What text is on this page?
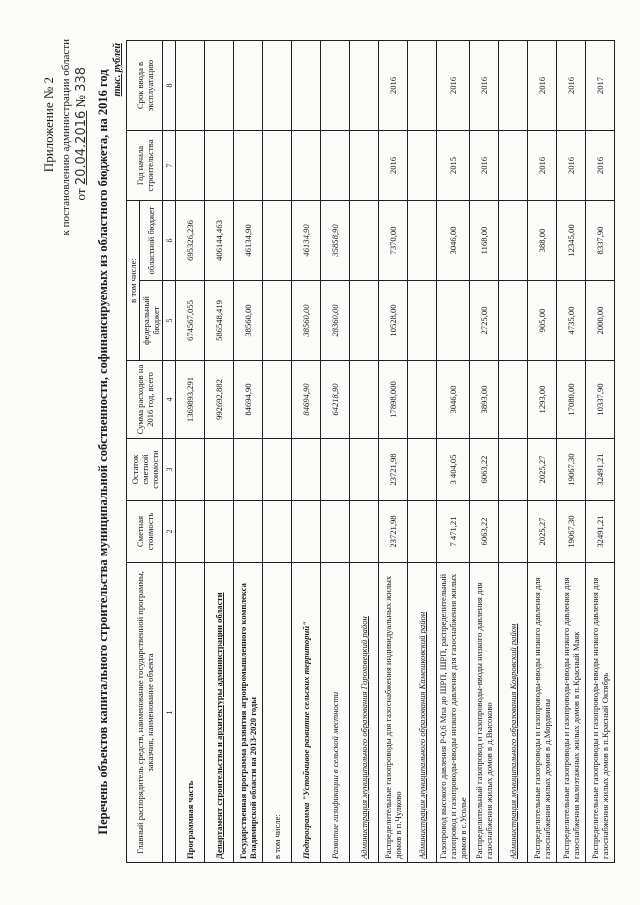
Приложение № 2 к постановлению администрации области от 20.04.2016 № 338 Перечень объектов капитального строительства муниципальной собственности, софинансируемых из областного бюджета, на 2016 год тыс. рублей
Главный распорядитель средств, наименование государственной программы, заказчик, наименование объекта	Сметная стоимость	Остаток сметной стоимости	Сумма расходов на 2016 год, всего	в том числе:		Год начала строительства	Срок ввода в эксплуатацию
				федеральный бюджет	областной бюджет		
1	2	3	4	5	6	7	8
Программная часть			1369893,291	674567,055	695326,236		
Департамент строительства и архитектуры администрации области			992692,882	586548,419	406144,463		
Государственная программа развития агропромышленного комплекса Владимирской области на 2013-2020 годы			84694,90	38560,00	46134,90		
в том числе:							
Подпрограмма "Устойчивое развитие сельских территорий"			84694,90	38560,00	46134,90		
Развитие газификации в сельской местности			64218,90	28360,00	35858,90		
Администрация муниципального образования Гороховецкий район							
Распределительные газопроводы для газоснабжения индивидуальных жилых домов в п.Чулково	23721,98	23721,98	17898,000	10528,00	7370,00	2016	2016
Администрация муниципального образования Камешковский район							
Газопровод высокого давления Р-0,6 Мпа до ШРП, ШРП, распределительный газопровод и газопроводы-вводы низкого давления для газоснабжения жилых домов в с.Усолье	7 471,21	3 404,05	3046,00		3046,00	2015	2016
Распределительный газопровод и газопроводы-вводы низкого давления для газоснабжения жилых домов в д.Высоково	6063,22	6063,22	3893,00	2725,00	1168,00	2016	2016
Администрация муниципального образования Ковровский район							
Распределительные газопроводы и газопроводы-вводы низкого давления для газоснабжения жилых домов в д.Мордвины	2025,27	2025,27	1293,00	905,00	388,00	2016	2016
Распределительные газопроводы и газопроводы-вводы низкого давления для газоснабжения малоэтажных жилых домов в п.Красный Маяк	19067,30	19067,30	17080,00	4735,00	12345,00	2016	2016
Распределительные газопроводы и газопроводы-вводы низкого давления для газоснабжения жилых домов в п.Красный Октябрь	32491,21	32491,21	10337,90	2000,00	8337,90	2016	2017
